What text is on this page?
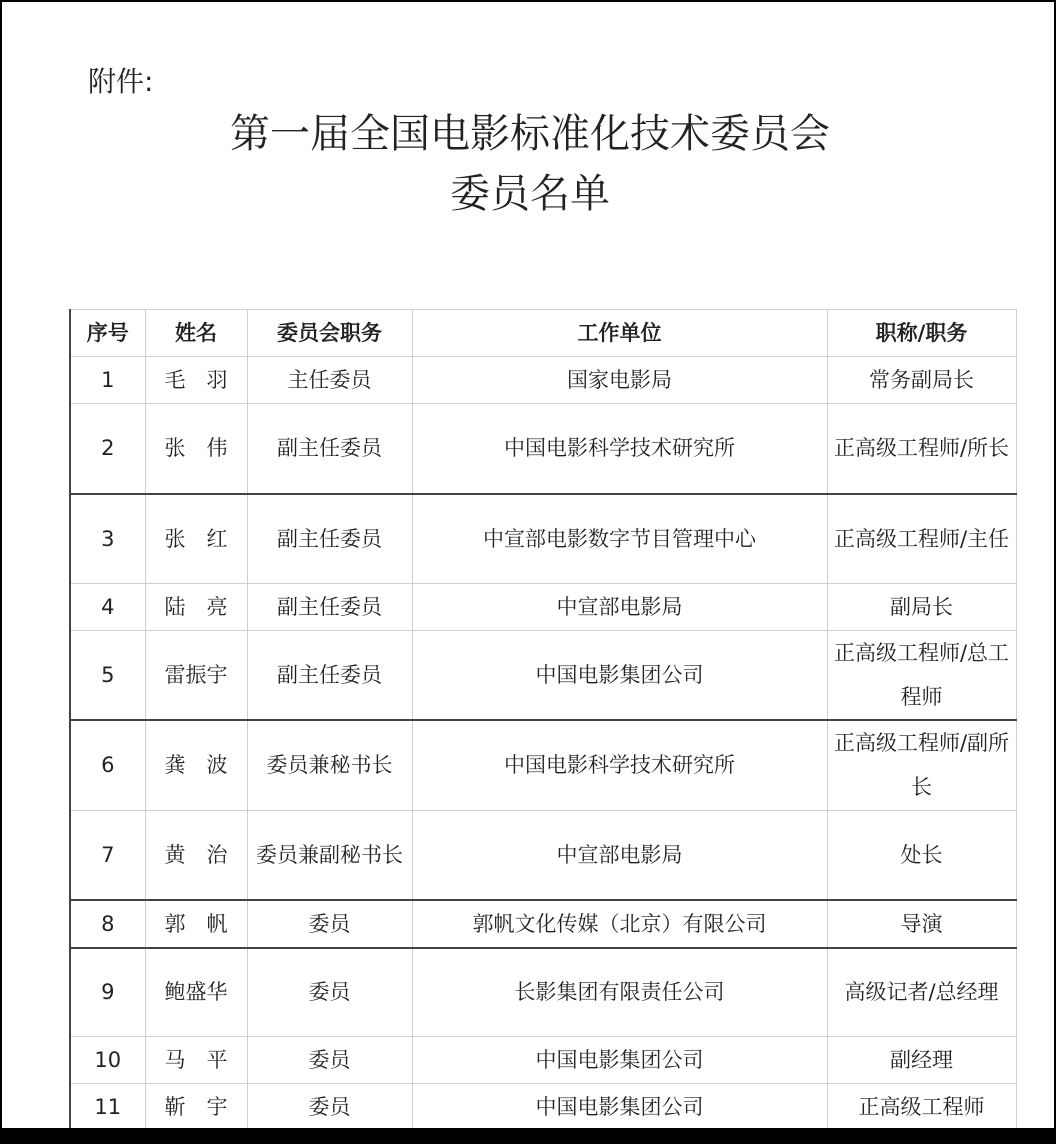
附件:
第一届全国电影标准化技术委员会
委员名单
序号	姓名	委员会职务	工作单位	职称/职务
1	毛　羽	主任委员	国家电影局	常务副局长
2	张　伟	副主任委员	中国电影科学技术研究所	正高级工程师/所长
3	张　红	副主任委员	中宣部电影数字节目管理中心	正高级工程师/主任
4	陆　亮	副主任委员	中宣部电影局	副局长
5	雷振宇	副主任委员	中国电影集团公司	正高级工程师/总工程师
6	龚　波	委员兼秘书长	中国电影科学技术研究所	正高级工程师/副所长
7	黄　治	委员兼副秘书长	中宣部电影局	处长
8	郭　帆	委员	郭帆文化传媒（北京）有限公司	导演
9	鲍盛华	委员	长影集团有限责任公司	高级记者/总经理
10	马　平	委员	中国电影集团公司	副经理
11	靳　宇	委员	中国电影集团公司	正高级工程师
